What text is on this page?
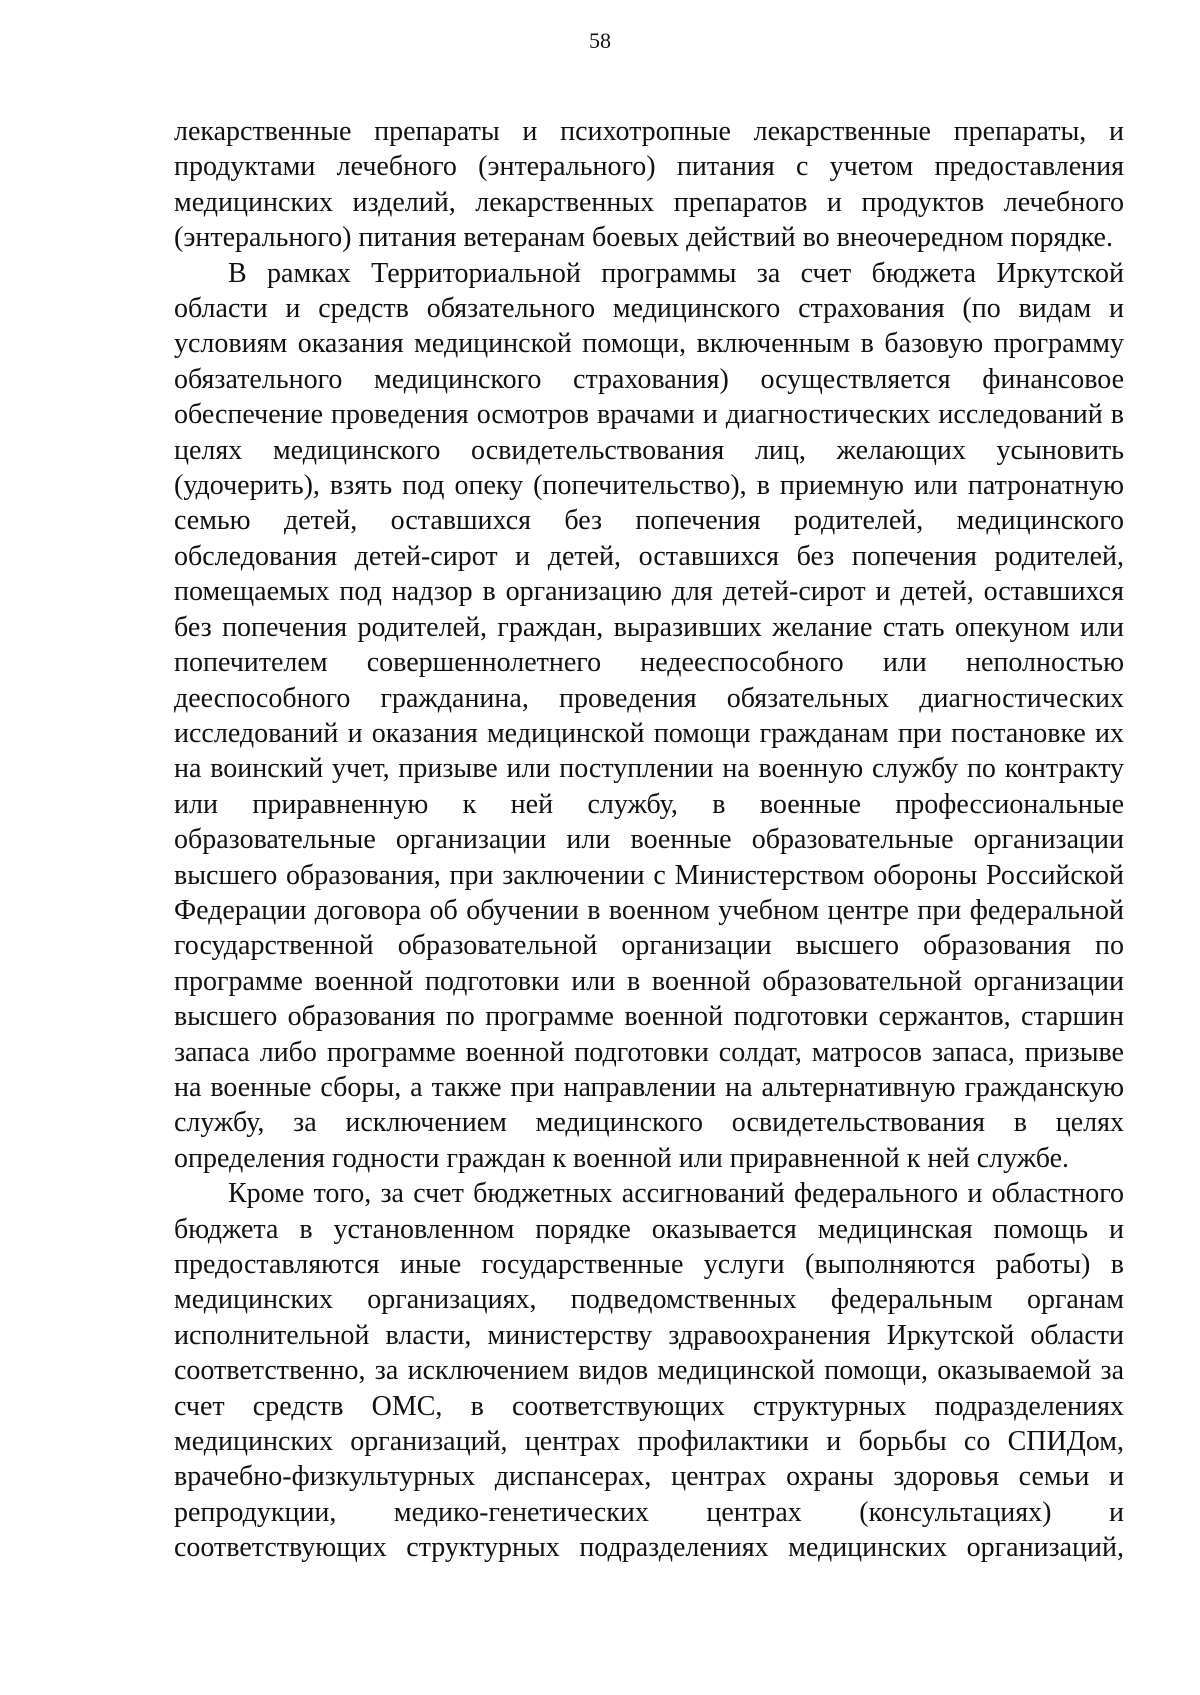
58

лекарственные препараты и психотропные лекарственные препараты, и продуктами лечебного (энтерального) питания с учетом предоставления медицинских изделий, лекарственных препаратов и продуктов лечебного (энтерального) питания ветеранам боевых действий во внеочередном порядке.

В рамках Территориальной программы за счет бюджета Иркутской области и средств обязательного медицинского страхования (по видам и условиям оказания медицинской помощи, включенным в базовую программу обязательного медицинского страхования) осуществляется финансовое обеспечение проведения осмотров врачами и диагностических исследований в целях медицинского освидетельствования лиц, желающих усыновить (удочерить), взять под опеку (попечительство), в приемную или патронатную семью детей, оставшихся без попечения родителей, медицинского обследования детей-сирот и детей, оставшихся без попечения родителей, помещаемых под надзор в организацию для детей-сирот и детей, оставшихся без попечения родителей, граждан, выразивших желание стать опекуном или попечителем совершеннолетнего недееспособного или неполностью дееспособного гражданина, проведения обязательных диагностических исследований и оказания медицинской помощи гражданам при постановке их на воинский учет, призыве или поступлении на военную службу по контракту или приравненную к ней службу, в военные профессиональные образовательные организации или военные образовательные организации высшего образования, при заключении с Министерством обороны Российской Федерации договора об обучении в военном учебном центре при федеральной государственной образовательной организации высшего образования по программе военной подготовки или в военной образовательной организации высшего образования по программе военной подготовки сержантов, старшин запаса либо программе военной подготовки солдат, матросов запаса, призыве на военные сборы, а также при направлении на альтернативную гражданскую службу, за исключением медицинского освидетельствования в целях определения годности граждан к военной или приравненной к ней службе.

Кроме того, за счет бюджетных ассигнований федерального и областного бюджета в установленном порядке оказывается медицинская помощь и предоставляются иные государственные услуги (выполняются работы) в медицинских организациях, подведомственных федеральным органам исполнительной власти, министерству здравоохранения Иркутской области соответственно, за исключением видов медицинской помощи, оказываемой за счет средств ОМС, в соответствующих структурных подразделениях медицинских организаций, центрах профилактики и борьбы со СПИДом, врачебно-физкультурных диспансерах, центрах охраны здоровья семьи и репродукции, медико-генетических центрах (консультациях) и соответствующих структурных подразделениях медицинских организаций,
